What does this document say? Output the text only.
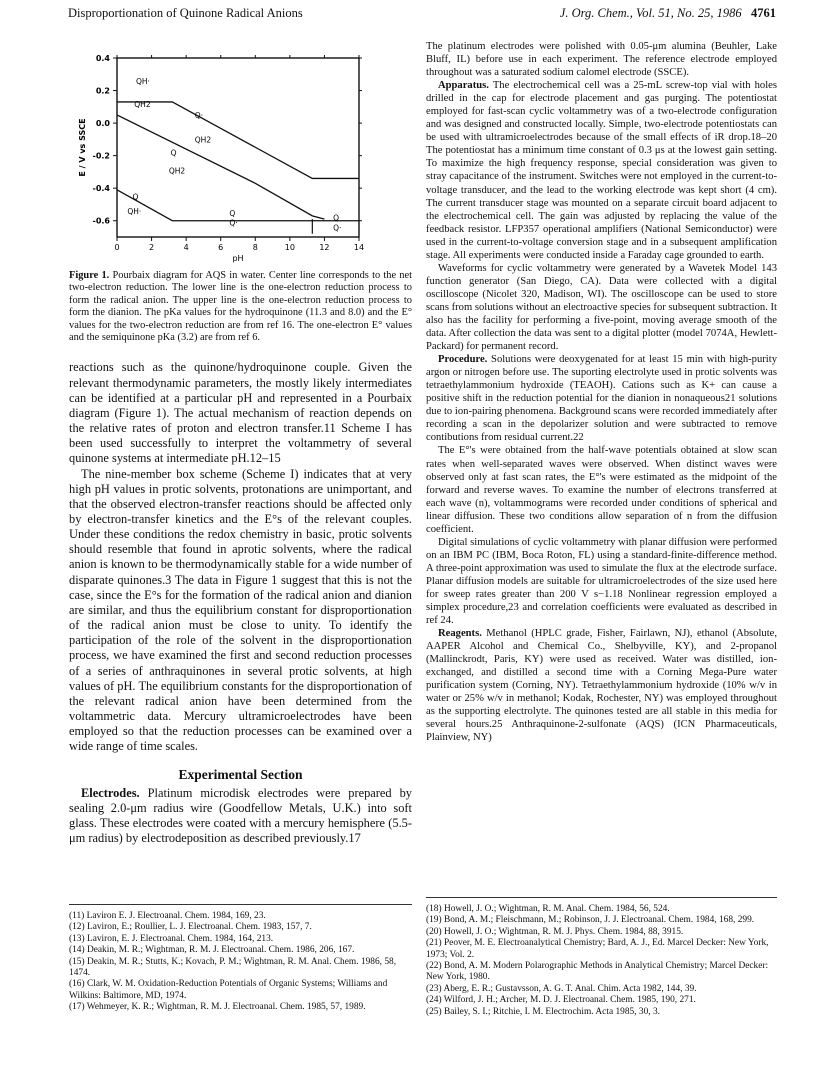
Disproportionation of Quinone Radical Anions	J. Org. Chem., Vol. 51, No. 25, 1986 4761
0	2	4	6	8	10	12	14
0.4
0.2
0.0
-0.2
-0.4
-0.6
pH
E / V vs SSCE
QH·
QH2
Q·
QH2
Q
QH2
Q
QH·	Q
Q·
Q
Q·

Figure 1. Pourbaix diagram for AQS in water. Center line corresponds to the net two-electron reduction. The lower line is the one-electron reduction process to form the radical anion. The upper line is the one-electron reduction process to form the dianion. The pKa values for the hydroquinone (11.3 and 8.0) and the E° values for the two-electron reduction are from ref 16. The one-electron E° values and the semiquinone pKa (3.2) are from ref 6.

reactions such as the quinone/hydroquinone couple. Given the relevant thermodynamic parameters, the mostly likely intermediates can be identified at a particular pH and represented in a Pourbaix diagram (Figure 1). The actual mechanism of reaction depends on the relative rates of proton and electron transfer.11 Scheme I has been used successfully to interpret the voltammetry of several quinone systems at intermediate pH.12–15

The nine-member box scheme (Scheme I) indicates that at very high pH values in protic solvents, protonations are unimportant, and that the observed electron-transfer reactions should be affected only by electron-transfer kinetics and the E°s of the relevant couples. Under these conditions the redox chemistry in basic, protic solvents should resemble that found in aprotic solvents, where the radical anion is known to be thermodynamically stable for a wide number of disparate quinones.3 The data in Figure 1 suggest that this is not the case, since the E°s for the formation of the radical anion and dianion are similar, and thus the equilibrium constant for disproportionation of the radical anion must be close to unity. To identify the participation of the role of the solvent in the disproportionation process, we have examined the first and second reduction processes of a series of anthraquinones in several protic solvents, at high values of pH. The equilibrium constants for the disproportionation of the relevant radical anion have been determined from the voltammetric data. Mercury ultramicroelectrodes have been employed so that the reduction processes can be examined over a wide range of time scales.

Experimental Section

Electrodes. Platinum microdisk electrodes were prepared by sealing 2.0-μm radius wire (Goodfellow Metals, U.K.) into soft glass. These electrodes were coated with a mercury hemisphere (5.5-μm radius) by electrodeposition as described previously.17

The platinum electrodes were polished with 0.05-μm alumina (Beuhler, Lake Bluff, IL) before use in each experiment. The reference electrode employed throughout was a saturated sodium calomel electrode (SSCE).

Apparatus. The electrochemical cell was a 25-mL screw-top vial with holes drilled in the cap for electrode placement and gas purging. The potentiostat employed for fast-scan cyclic voltammetry was of a two-electrode configuration and was designed and constructed locally. Simple, two-electrode potentiostats can be used with ultramicroelectrodes because of the small effects of iR drop.18–20 The potentiostat has a minimum time constant of 0.3 μs at the lowest gain setting. To maximize the high frequency response, special consideration was given to stray capacitance of the instrument. Switches were not employed in the current-to-voltage transducer, and the lead to the working electrode was kept short (4 cm). The current transducer stage was mounted on a separate circuit board adjacent to the electrochemical cell. The gain was adjusted by replacing the value of the feedback resistor. LFP357 operational amplifiers (National Semiconductor) were used in the current-to-voltage conversion stage and in a subsequent amplification stage. All experiments were conducted inside a Faraday cage grounded to earth.

Waveforms for cyclic voltammetry were generated by a Wavetek Model 143 function generator (San Diego, CA). Data were collected with a digital oscilloscope (Nicolet 320, Madison, WI). The oscilloscope can be used to store scans from solutions without an electroactive species for subsequent subtraction. It also has the facility for performing a five-point, moving average smooth of the data. After collection the data was sent to a digital plotter (model 7074A, Hewlett-Packard) for permanent record.

Procedure. Solutions were deoxygenated for at least 15 min with high-purity argon or nitrogen before use. The suporting electrolyte used in protic solvents was tetraethylammonium hydroxide (TEAOH). Cations such as K+ can cause a positive shift in the reduction potential for the dianion in nonaqueous21 solutions due to ion-pairing phenomena. Background scans were recorded immediately after recording a scan in the depolarizer solution and were subtracted to remove contibutions from residual current.22

The E°'s were obtained from the half-wave potentials obtained at slow scan rates when well-separated waves were observed. When distinct waves were observed only at fast scan rates, the E°'s were estimated as the midpoint of the forward and reverse waves. To examine the number of electrons transferred at each wave (n), voltammograms were recorded under conditions of spherical and linear diffusion. These two conditions allow separation of n from the diffusion coefficient.

Digital simulations of cyclic voltammetry with planar diffusion were performed on an IBM PC (IBM, Boca Roton, FL) using a standard-finite-difference method. A three-point approximation was used to simulate the flux at the electrode surface. Planar diffusion models are suitable for ultramicroelectrodes of the size used here for sweep rates greater than 200 V s−1.18 Nonlinear regression employed a simplex procedure,23 and correlation coefficients were evaluated as described in ref 24.

Reagents. Methanol (HPLC grade, Fisher, Fairlawn, NJ), ethanol (Absolute, AAPER Alcohol and Chemical Co., Shelbyville, KY), and 2-propanol (Mallinckrodt, Paris, KY) were used as received. Water was distilled, ion-exchanged, and distilled a second time with a Corning Mega-Pure water purification system (Corning, NY). Tetraethylammonium hydroxide (10% w/v in water or 25% w/v in methanol; Kodak, Rochester, NY) was employed throughout as the supporting electrolyte. The quinones tested are all stable in this media for several hours.25 Anthraquinone-2-sulfonate (AQS) (ICN Pharmaceuticals, Plainview, NY)

(11) Laviron E. J. Electroanal. Chem. 1984, 169, 23.
(12) Laviron, E.; Roullier, L. J. Electroanal. Chem. 1983, 157, 7.
(13) Laviron, E. J. Electroanal. Chem. 1984, 164, 213.
(14) Deakin, M. R.; Wightman, R. M. J. Electroanal. Chem. 1986, 206, 167.
(15) Deakin, M. R.; Stutts, K.; Kovach, P. M.; Wightman, R. M. Anal. Chem. 1986, 58, 1474.
(16) Clark, W. M. Oxidation-Reduction Potentials of Organic Systems; Williams and Wilkins: Baltimore, MD, 1974.
(17) Wehmeyer, K. R.; Wightman, R. M. J. Electroanal. Chem. 1985, 57, 1989.
(18) Howell, J. O.; Wightman, R. M. Anal. Chem. 1984, 56, 524.
(19) Bond, A. M.; Fleischmann, M.; Robinson, J. J. Electroanal. Chem. 1984, 168, 299.
(20) Howell, J. O.; Wightman, R. M. J. Phys. Chem. 1984, 88, 3915.
(21) Peover, M. E. Electroanalytical Chemistry; Bard, A. J., Ed. Marcel Decker: New York, 1973; Vol. 2.
(22) Bond, A. M. Modern Polarographic Methods in Analytical Chemistry; Marcel Decker: New York, 1980.
(23) Aberg, E. R.; Gustavsson, A. G. T. Anal. Chim. Acta 1982, 144, 39.
(24) Wilford, J. H.; Archer, M. D. J. Electroanal. Chem. 1985, 190, 271.
(25) Bailey, S. I.; Ritchie, I. M. Electrochim. Acta 1985, 30, 3.
